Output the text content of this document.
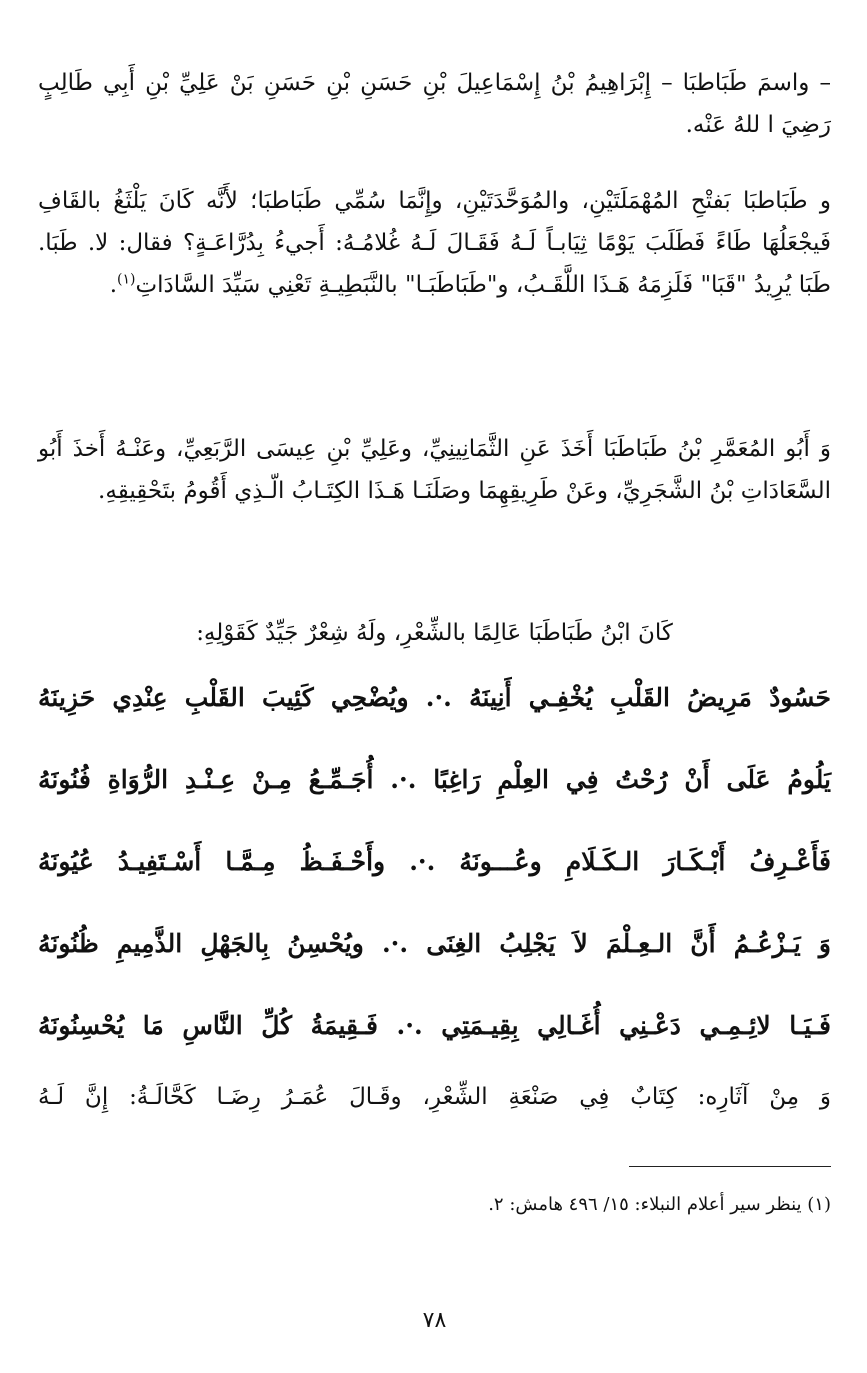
– واسمَ طَبَاطبَا – إِبْرَاهِيمُ بْنُ إِسْمَاعِيلَ بْنِ حَسَنِ بْنِ حَسَنِ بَنْ عَلِيِّ بْنِ أَبِي طَالِبٍ رَضِيَ ا للهُ عَنْه.

و طَبَاطبَا بَفتْحِ المُهْمَلَتَيْنِ، والمُوَحَّدَتَيْنِ، وإِنَّمَا سُمِّي طَبَاطبَا؛ لأَنَّه كَانَ يَلْثَغُ بالقَافِ فَيجْعَلُهَا طَاءً فَطَلَبَ يَوْمًا ثِيَابـاً لَـهُ فَقَـالَ لَـهُ غُلامُـهُ: أَجيءُ بِدُرَّاعَـةٍ؟ فقال: لا. طَبَا. طَبَا يُرِيدُ "قَبَا" فَلَزِمَهُ هَـذَا اللَّقَـبُ، و"طَبَاطَبَـا" بالنَّبَطِيـةِ تَعْنِي سَيِّدَ السَّادَاتِ$^{(١)}$.

وَ أَبُو المُعَمَّرِ بْنُ طَبَاطَبَا أَخَذَ عَنِ الثَّمَانِينِيِّ، وعَلِيِّ بْنِ عِيسَى الرَّبَعِيِّ، وعَنْـهُ أَخذَ أَبُو السَّعَادَاتِ بْنُ الشَّجَرِيِّ، وعَنْ طَرِيقِهِمَا وصَلَنَـا هَـذَا الكِتَـابُ الّـذِي أَقُومُ بتَحْقِيقِهِ.

كَانَ ابْنُ طَبَاطَبَا عَالِمًا بالشِّعْرِ، ولَهُ شِعْرٌ جَيِّدٌ كَقَوْلِهِ:

حَسُودٌ مَرِيضُ القَلْبِ يُخْفِـي أَنِينَهُ .·. ويُضْحِي كَئِيبَ القَلْبِ عِنْدِي حَزِينَهُ

يَلُومُ عَلَى أَنْ رُحْتُ فِي العِلْمِ رَاغِبًا .·. أُجَـمِّـعُ مِـنْ عِـنْـدِ الرُّوَاةِ فُنُونَهُ

فَأَعْـرِفُ أَبْـكَـارَ الـكَـلَامِ وعُـــونَهُ .·. وأَحْـفَـظُ مِـمَّـا أَسْـتَفِيـدُ عُيُونَهُ

وَ يَـزْعُـمُ أَنَّ الـعِـلْمَ لاَ يَجْلِبُ الغِنَى .·. ويُحْسِنُ بِالجَهْلِ الذَّمِيمِ ظُنُونَهُ

فَـيَـا لائِـمِـي دَعْـنِي أُغَـالِي بِقِيـمَتِي .·. فَـقِيمَةُ كُلِّ النَّاسِ مَا يُحْسِنُونَهُ

وَ مِنْ آثَارِه: كِتَابٌ فِي صَنْعَةِ الشِّعْرِ، وقَـالَ عُمَـرُ رِضَـا كَحَّالَـةُ: إِنَّ لَـهُ

(١) ينظر سير أعلام النبلاء: ١٥/ ٤٩٦ هامش: ٢.

٧٨
